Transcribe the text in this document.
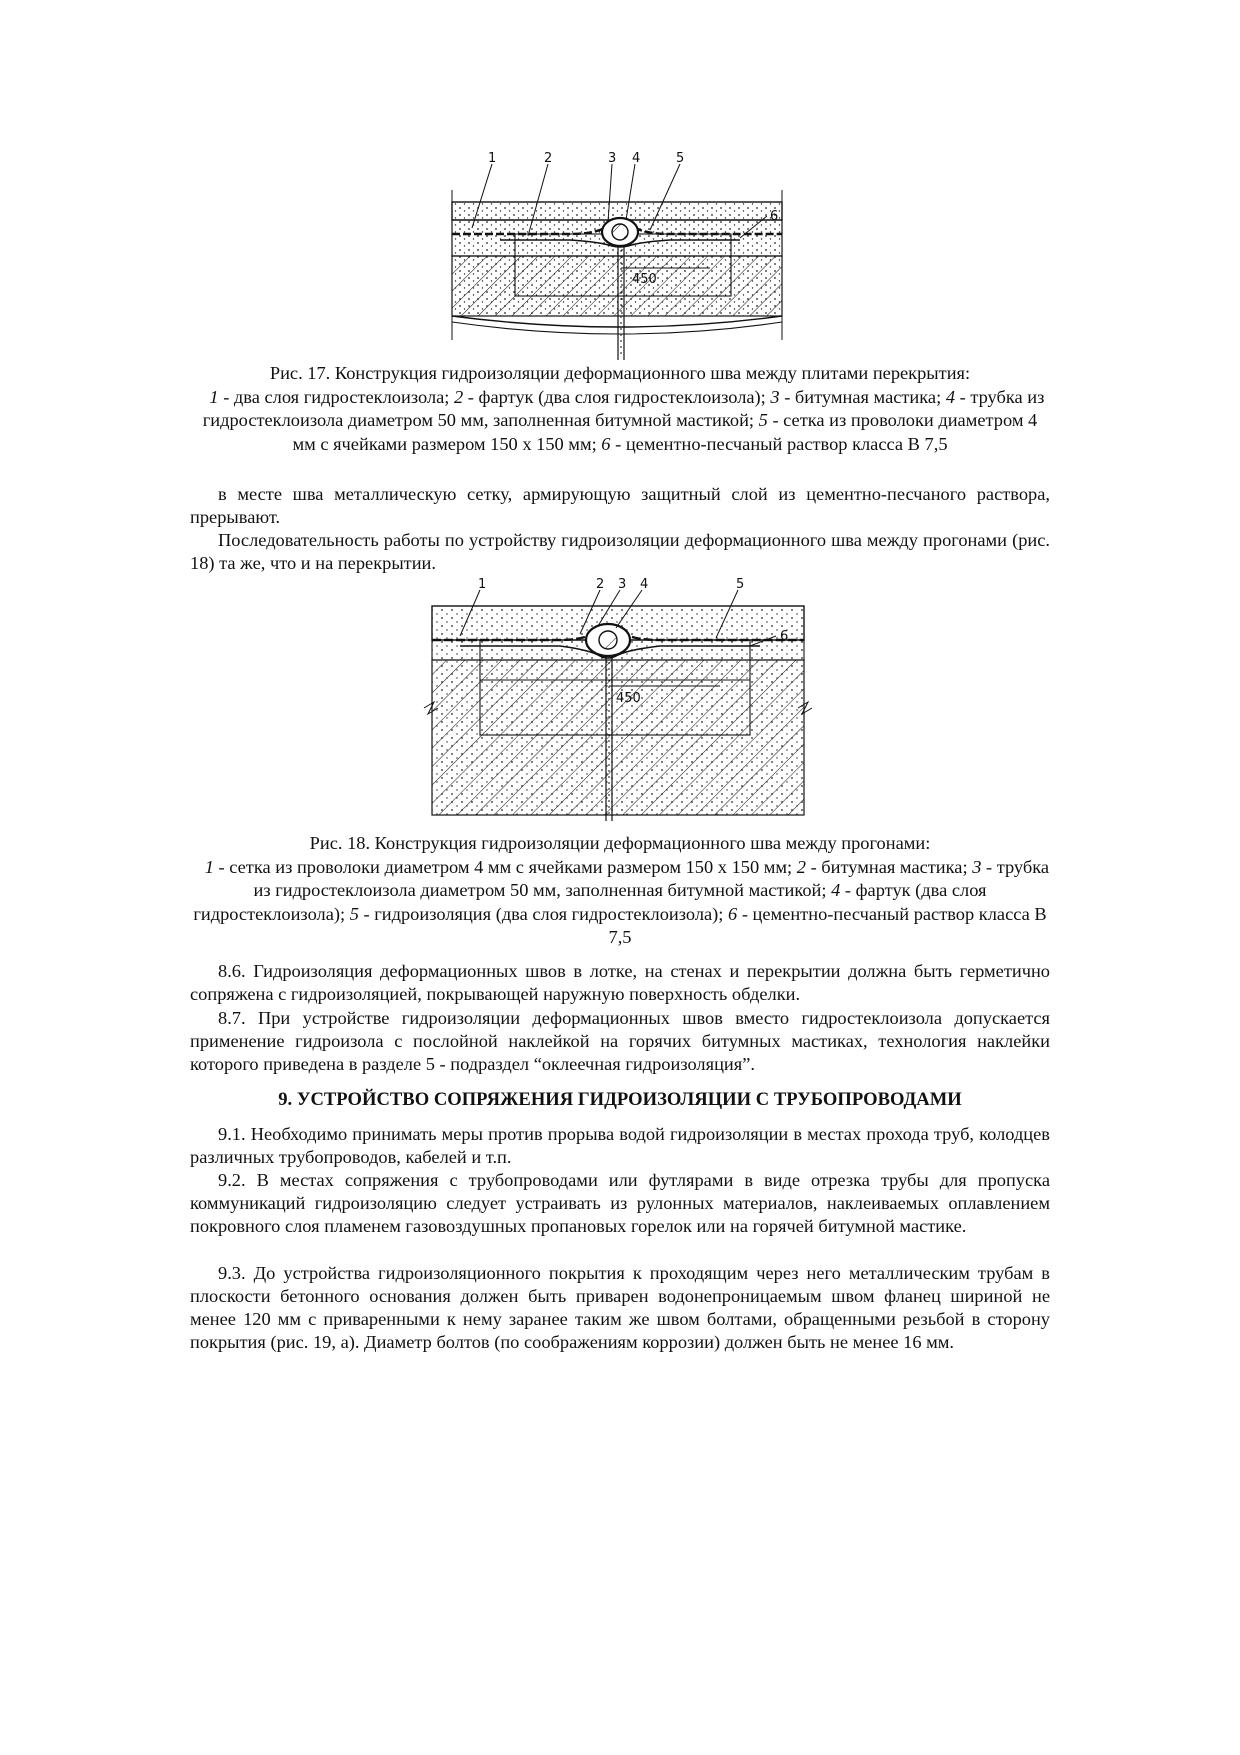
450
1	2	3 4	5
6
Рис. 17. Конструкция гидроизоляции деформационного шва между плитами перекрытия:
1 - два слоя гидростеклоизола; 2 - фартук (два слоя гидростеклоизола); 3 - битумная мастика; 4 - трубка из гидростеклоизола диаметром 50 мм, заполненная битумной мастикой; 5 - сетка из проволоки диаметром 4 мм с ячейками размером 150 х 150 мм; 6 - цементно-песчаный раствор класса В 7,5
в месте шва металлическую сетку, армирующую защитный слой из цементно-песчаного раствора, прерывают.
Последовательность работы по устройству гидроизоляции деформационного шва между прогонами (рис. 18) та же, что и на перекрытии.
450
1	2 3 4	5
6
Рис. 18. Конструкция гидроизоляции деформационного шва между прогонами:
1 - сетка из проволоки диаметром 4 мм с ячейками размером 150 х 150 мм; 2 - битумная мастика; 3 - трубка из гидростеклоизола диаметром 50 мм, заполненная битумной мастикой; 4 - фартук (два слоя гидростеклоизола); 5 - гидроизоляция (два слоя гидростеклоизола); 6 - цементно-песчаный раствор класса В 7,5
8.6. Гидроизоляция деформационных швов в лотке, на стенах и перекрытии должна быть герметично сопряжена с гидроизоляцией, покрывающей наружную поверхность обделки.
8.7. При устройстве гидроизоляции деформационных швов вместо гидростеклоизола допускается применение гидроизола с послойной наклейкой на горячих битумных мастиках, технология наклейки которого приведена в разделе 5 - подраздел “оклеечная гидроизоляция”.
9. УСТРОЙСТВО СОПРЯЖЕНИЯ ГИДРОИЗОЛЯЦИИ С ТРУБОПРОВОДАМИ
9.1. Необходимо принимать меры против прорыва водой гидроизоляции в местах прохода труб, колодцев различных трубопроводов, кабелей и т.п.
9.2. В местах сопряжения с трубопроводами или футлярами в виде отрезка трубы для пропуска коммуникаций гидроизоляцию следует устраивать из рулонных материалов, наклеиваемых оплавлением покровного слоя пламенем газовоздушных пропановых горелок или на горячей битумной мастике.
9.3. До устройства гидроизоляционного покрытия к проходящим через него металлическим трубам в плоскости бетонного основания должен быть приварен водонепроницаемым швом фланец шириной не менее 120 мм с приваренными к нему заранее таким же швом болтами, обращенными резьбой в сторону покрытия (рис. 19, а). Диаметр болтов (по соображениям коррозии) должен быть не менее 16 мм.
